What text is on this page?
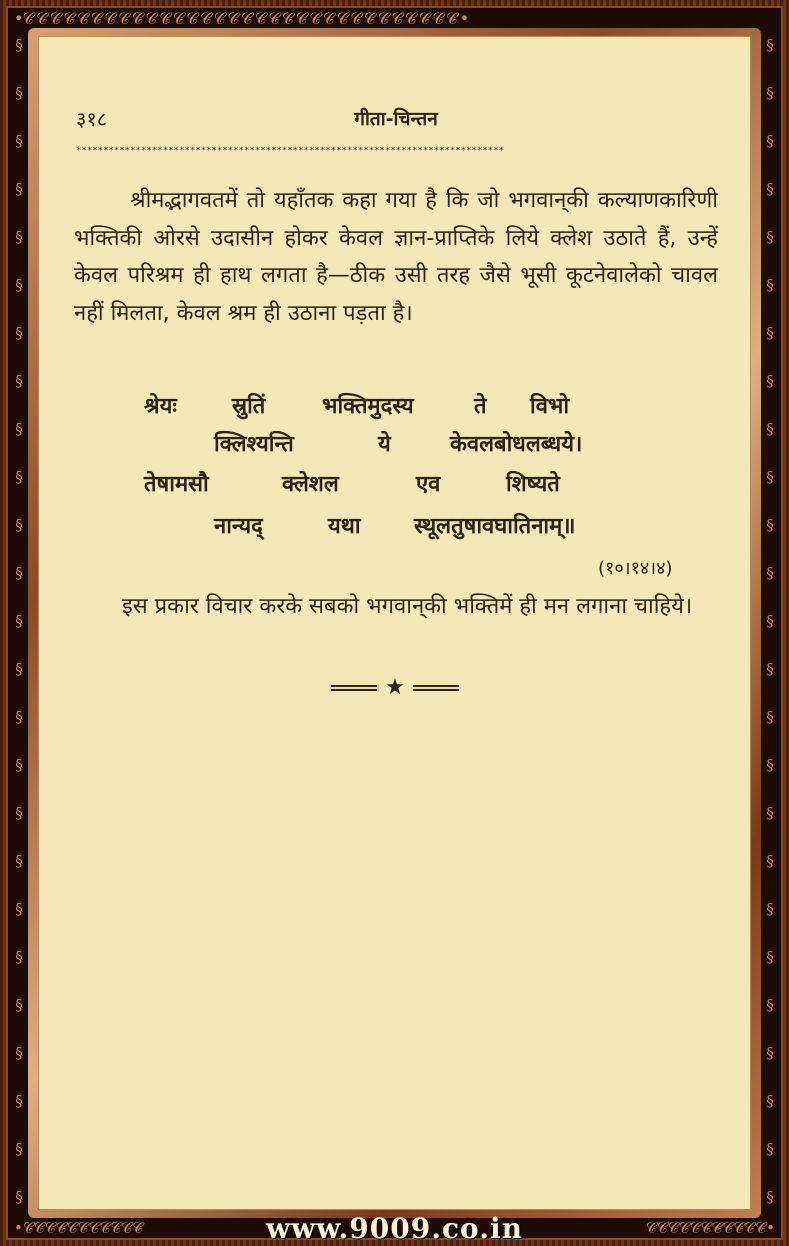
•𝒞𝒞𝒞𝒞𝒞𝒞𝒞𝒞𝒞𝒞𝒞𝒞𝒞𝒞𝒞𝒞𝒞𝒞𝒞𝒞𝒞𝒞𝒞𝒞𝒞𝒞𝒞𝒞𝒞𝒞𝒞𝒞•
§
§
§
§
§
§
§
§
§
§
§
§
§
§
§
§
§
§
§
§
§
§
§
§
§
§
§
§
§
§
§
§
§
§
§
§
§
§
§
§
§
§
§
§
§
§
§
§
§
§
३१८	गीता-चिन्तन
*******************************************************************************
श्रीमद्भागवतमें तो यहाँतक कहा गया है कि जो भगवान्‌की कल्याणकारिणी भक्तिकी ओरसे उदासीन होकर केवल ज्ञान-प्राप्तिके लिये क्लेश उठाते हैं, उन्हें केवल परिश्रम ही हाथ लगता है—ठीक उसी तरह जैसे भूसी कूटनेवालेको चावल नहीं मिलता, केवल श्रम ही उठाना पड़ता है।
श्रेयः	स्रुतिं	भक्तिमुदस्य	ते विभो
क्लिश्यन्ति	ये	केवलबोधलब्धये।
तेषामसौ	क्लेशल	एव	शिष्यते
नान्यद्	यथा स्थूलतुषावघातिनाम्॥
(१०।१४।४)
इस प्रकार विचार करके सबको भगवान्‌की भक्तिमें ही मन लगाना चाहिये।
★
•𝒞𝒞𝒞𝒞𝒞𝒞𝒞𝒞𝒞𝒞𝒞	www.9009.co.in	𝒞𝒞𝒞𝒞𝒞𝒞𝒞𝒞𝒞𝒞𝒞•
